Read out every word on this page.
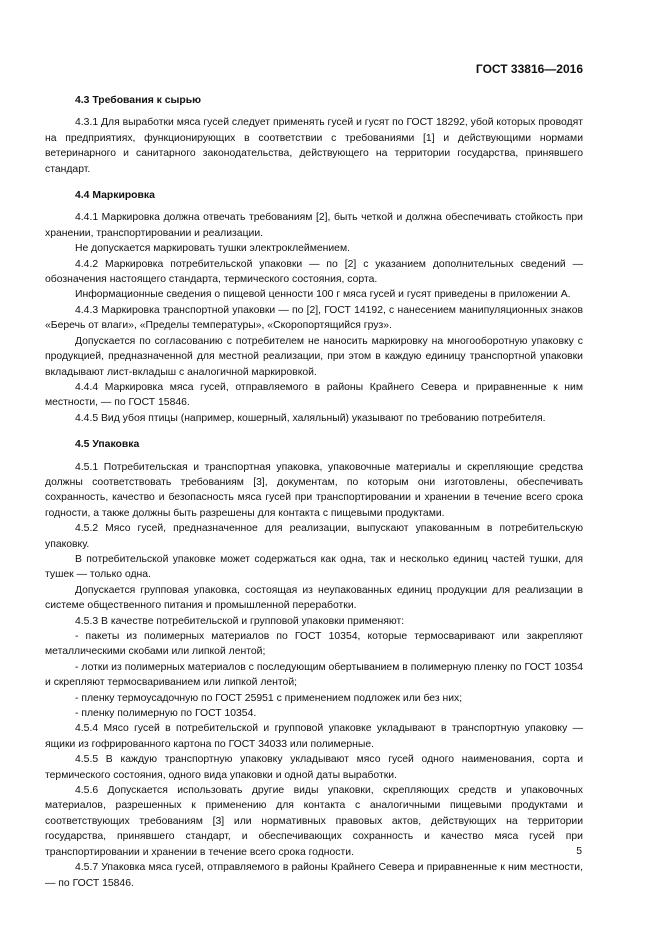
ГОСТ 33816—2016
4.3 Требования к сырью

4.3.1 Для выработки мяса гусей следует применять гусей и гусят по ГОСТ 18292, убой которых проводят на предприятиях, функционирующих в соответствии с требованиями [1] и действующими нормами ветеринарного и санитарного законодательства, действующего на территории государства, принявшего стандарт.

4.4 Маркировка

4.4.1 Маркировка должна отвечать требованиям [2], быть четкой и должна обеспечивать стойкость при хранении, транспортировании и реализации.

Не допускается маркировать тушки электроклеймением.

4.4.2 Маркировка потребительской упаковки — по [2] с указанием дополнительных сведений — обозначения настоящего стандарта, термического состояния, сорта.

Информационные сведения о пищевой ценности 100 г мяса гусей и гусят приведены в приложении А.

4.4.3 Маркировка транспортной упаковки — по [2], ГОСТ 14192, с нанесением манипуляционных знаков «Беречь от влаги», «Пределы температуры», «Скоропортящийся груз».

Допускается по согласованию с потребителем не наносить маркировку на многооборотную упаковку с продукцией, предназначенной для местной реализации, при этом в каждую единицу транспортной упаковки вкладывают лист-вкладыш с аналогичной маркировкой.

4.4.4 Маркировка мяса гусей, отправляемого в районы Крайнего Севера и приравненные к ним местности, — по ГОСТ 15846.

4.4.5 Вид убоя птицы (например, кошерный, халяльный) указывают по требованию потребителя.

4.5 Упаковка

4.5.1 Потребительская и транспортная упаковка, упаковочные материалы и скрепляющие средства должны соответствовать требованиям [3], документам, по которым они изготовлены, обеспечивать сохранность, качество и безопасность мяса гусей при транспортировании и хранении в течение всего срока годности, а также должны быть разрешены для контакта с пищевыми продуктами.

4.5.2 Мясо гусей, предназначенное для реализации, выпускают упакованным в потребительскую упаковку.

В потребительской упаковке может содержаться как одна, так и несколько единиц частей тушки, для тушек — только одна.

Допускается групповая упаковка, состоящая из неупакованных единиц продукции для реализации в системе общественного питания и промышленной переработки.

4.5.3 В качестве потребительской и групповой упаковки применяют:

- пакеты из полимерных материалов по ГОСТ 10354, которые термосваривают или закрепляют металлическими скобами или липкой лентой;

- лотки из полимерных материалов с последующим обертыванием в полимерную пленку по ГОСТ 10354 и скрепляют термосвариванием или липкой лентой;

- пленку термоусадочную по ГОСТ 25951 с применением подложек или без них;

- пленку полимерную по ГОСТ 10354.

4.5.4 Мясо гусей в потребительской и групповой упаковке укладывают в транспортную упаковку — ящики из гофрированного картона по ГОСТ 34033 или полимерные.

4.5.5 В каждую транспортную упаковку укладывают мясо гусей одного наименования, сорта и термического состояния, одного вида упаковки и одной даты выработки.

4.5.6 Допускается использовать другие виды упаковки, скрепляющих средств и упаковочных материалов, разрешенных к применению для контакта с аналогичными пищевыми продуктами и соответствующих требованиям [3] или нормативных правовых актов, действующих на территории государства, принявшего стандарт, и обеспечивающих сохранность и качество мяса гусей при транспортировании и хранении в течение всего срока годности.

4.5.7 Упаковка мяса гусей, отправляемого в районы Крайнего Севера и приравненные к ним местности, — по ГОСТ 15846.

5
